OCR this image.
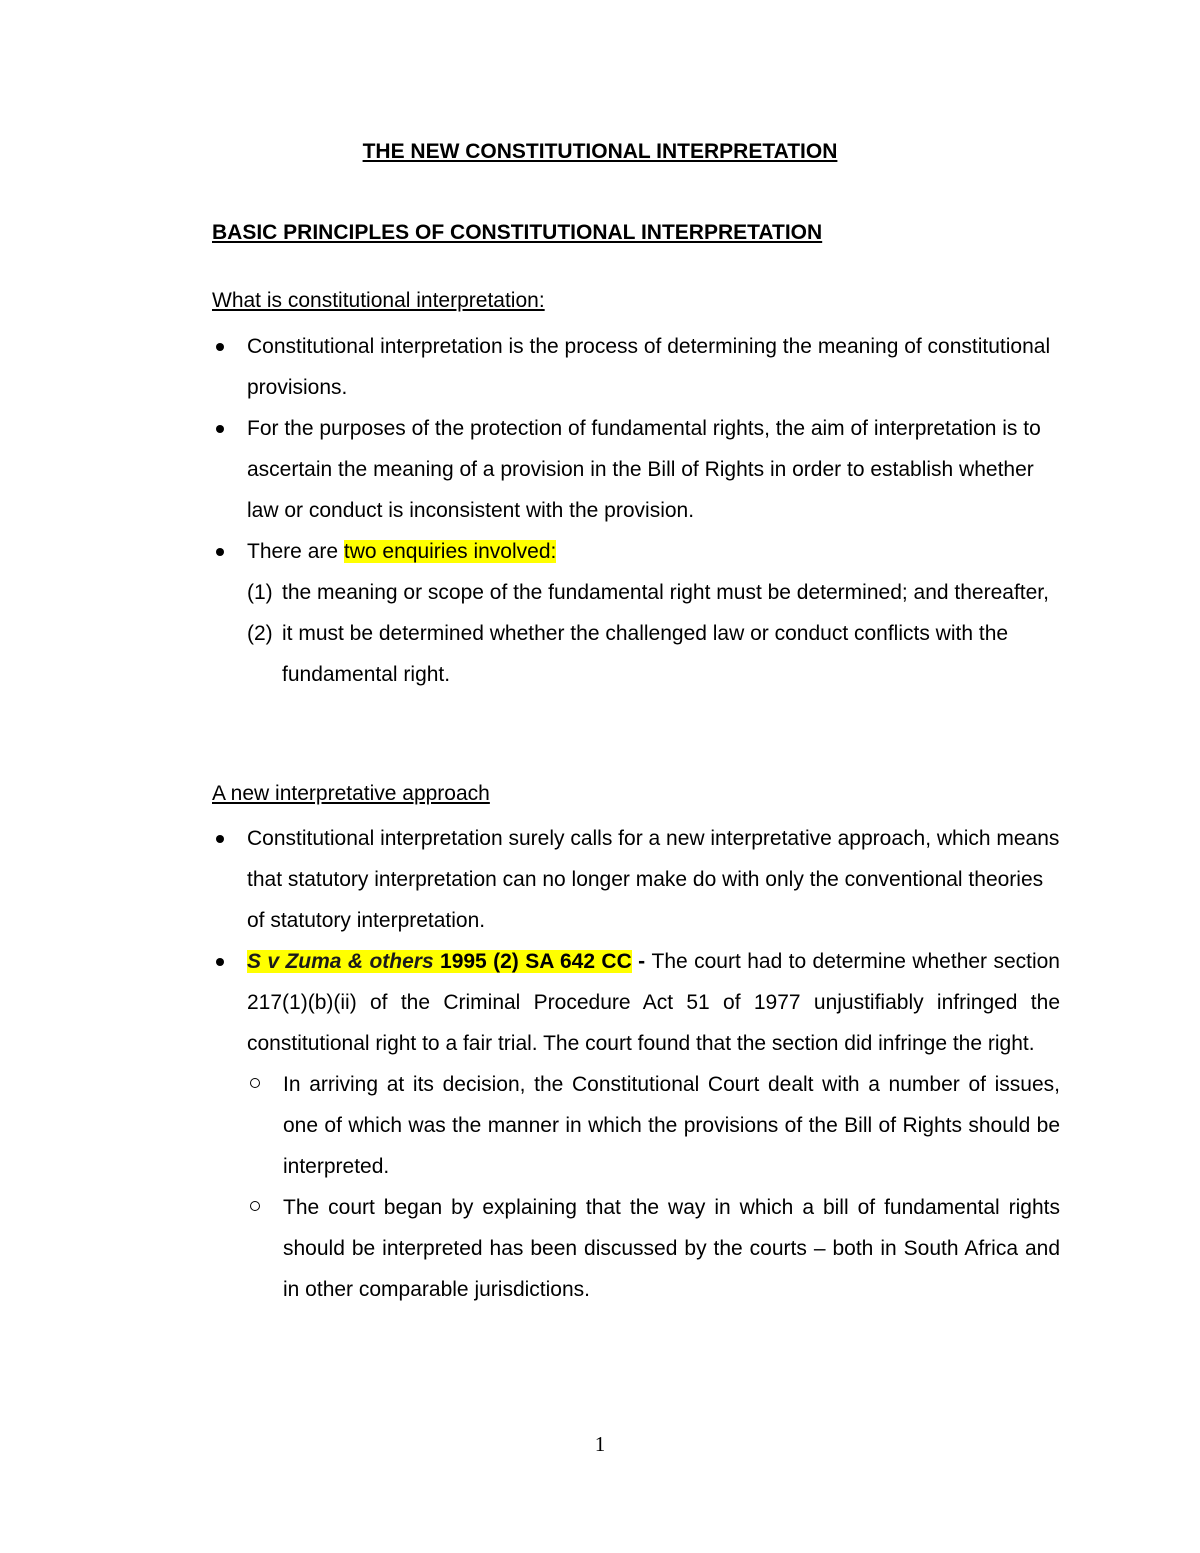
THE NEW CONSTITUTIONAL INTERPRETATION
BASIC PRINCIPLES OF CONSTITUTIONAL INTERPRETATION
What is constitutional interpretation:
Constitutional interpretation is the process of determining the meaning of constitutional provisions.
For the purposes of the protection of fundamental rights, the aim of interpretation is to ascertain the meaning of a provision in the Bill of Rights in order to establish whether law or conduct is inconsistent with the provision.
There are two enquiries involved:
(1) the meaning or scope of the fundamental right must be determined; and thereafter,
(2) it must be determined whether the challenged law or conduct conflicts with the fundamental right.
A new interpretative approach
Constitutional interpretation surely calls for a new interpretative approach, which means that statutory interpretation can no longer make do with only the conventional theories of statutory interpretation.
S v Zuma & others 1995 (2) SA 642 CC - The court had to determine whether section 217(1)(b)(ii) of the Criminal Procedure Act 51 of 1977 unjustifiably infringed the constitutional right to a fair trial. The court found that the section did infringe the right.
In arriving at its decision, the Constitutional Court dealt with a number of issues, one of which was the manner in which the provisions of the Bill of Rights should be interpreted.
The court began by explaining that the way in which a bill of fundamental rights should be interpreted has been discussed by the courts – both in South Africa and in other comparable jurisdictions.
1
